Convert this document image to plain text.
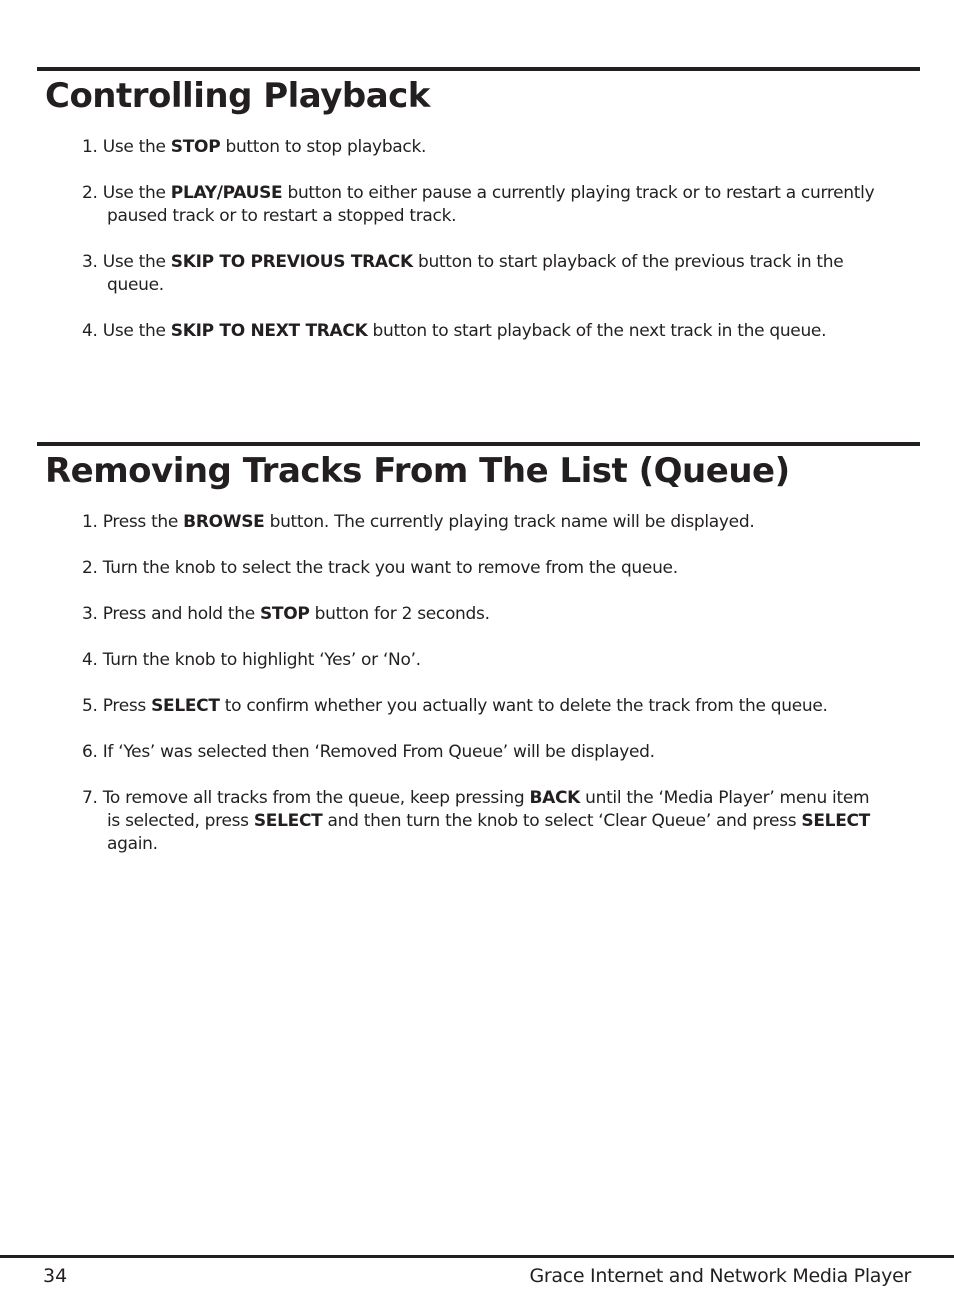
Controlling Playback
1. Use the STOP button to stop playback.
2. Use the PLAY/PAUSE button to either pause a currently playing track or to restart a currently paused track or to restart a stopped track.
3. Use the SKIP TO PREVIOUS TRACK button to start playback of the previous track in the queue.
4. Use the SKIP TO NEXT TRACK button to start playback of the next track in the queue.
Removing Tracks From The List (Queue)
1. Press the BROWSE button. The currently playing track name will be displayed.
2. Turn the knob to select the track you want to remove from the queue.
3. Press and hold the STOP button for 2 seconds.
4. Turn the knob to highlight ‘Yes’ or ‘No’.
5. Press SELECT to confirm whether you actually want to delete the track from the queue.
6. If ‘Yes’ was selected then ‘Removed From Queue’ will be displayed.
7. To remove all tracks from the queue, keep pressing BACK until the ‘Media Player’ menu item is selected, press SELECT and then turn the knob to select ‘Clear Queue’ and press SELECT again.
34	Grace Internet and Network Media Player
